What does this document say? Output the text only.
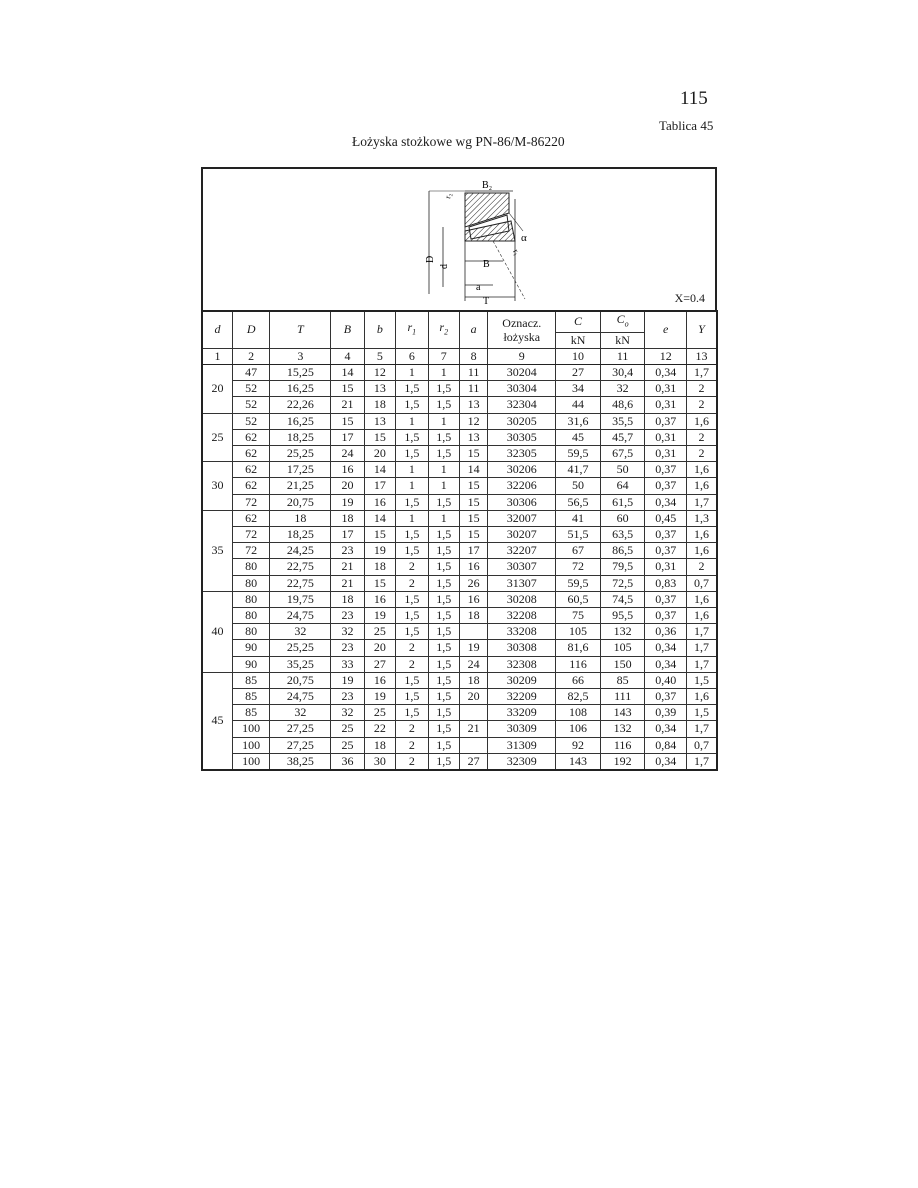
115
Tablica 45
Łożyska stożkowe wg PN-86/M-86220
B₂
r₂
α
r₁
D
d	B
a
T	X=0.4
d	D	T	B	b	$r_1$	$r_2$	a	Oznacz.
łożyska	C	$C_o$	e	Y
									kN	kN		
1	2	3	4	5	6	7	8	9	10	11	12	13
20	47	15,25	14	12	1	1	11	30204	27	30,4	0,34	1,7
	52	16,25	15	13	1,5	1,5	11	30304	34	32	0,31	2
	52	22,26	21	18	1,5	1,5	13	32304	44	48,6	0,31	2
25	52	16,25	15	13	1	1	12	30205	31,6	35,5	0,37	1,6
	62	18,25	17	15	1,5	1,5	13	30305	45	45,7	0,31	2
	62	25,25	24	20	1,5	1,5	15	32305	59,5	67,5	0,31	2
30	62	17,25	16	14	1	1	14	30206	41,7	50	0,37	1,6
	62	21,25	20	17	1	1	15	32206	50	64	0,37	1,6
	72	20,75	19	16	1,5	1,5	15	30306	56,5	61,5	0,34	1,7
35	62	18	18	14	1	1	15	32007	41	60	0,45	1,3
	72	18,25	17	15	1,5	1,5	15	30207	51,5	63,5	0,37	1,6
	72	24,25	23	19	1,5	1,5	17	32207	67	86,5	0,37	1,6
	80	22,75	21	18	2	1,5	16	30307	72	79,5	0,31	2
	80	22,75	21	15	2	1,5	26	31307	59,5	72,5	0,83	0,7
40	80	19,75	18	16	1,5	1,5	16	30208	60,5	74,5	0,37	1,6
	80	24,75	23	19	1,5	1,5	18	32208	75	95,5	0,37	1,6
	80	32	32	25	1,5	1,5		33208	105	132	0,36	1,7
	90	25,25	23	20	2	1,5	19	30308	81,6	105	0,34	1,7
	90	35,25	33	27	2	1,5	24	32308	116	150	0,34	1,7
45	85	20,75	19	16	1,5	1,5	18	30209	66	85	0,40	1,5
	85	24,75	23	19	1,5	1,5	20	32209	82,5	111	0,37	1,6
	85	32	32	25	1,5	1,5		33209	108	143	0,39	1,5
	100	27,25	25	22	2	1,5	21	30309	106	132	0,34	1,7
	100	27,25	25	18	2	1,5		31309	92	116	0,84	0,7
	100	38,25	36	30	2	1,5	27	32309	143	192	0,34	1,7
